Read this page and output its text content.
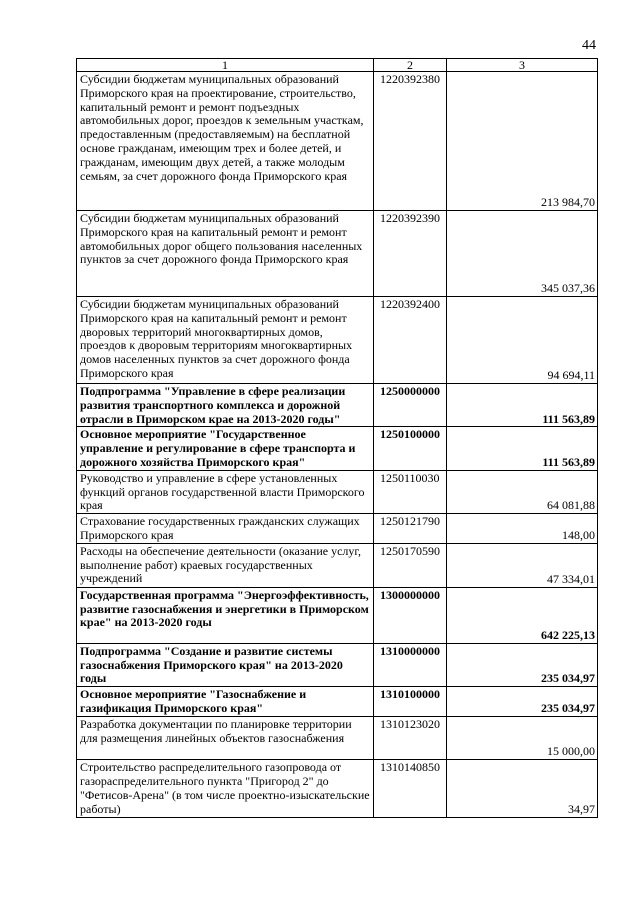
44
1	2	3
Субсидии бюджетам муниципальных образований Приморского края на проектирование, строительство, капитальный ремонт и ремонт подъездных автомобильных дорог, проездов к земельным участкам, предоставленным (предоставляемым) на бесплатной основе гражданам, имеющим трех и более детей, и гражданам, имеющим двух детей, а также молодым семьям, за счет дорожного фонда Приморского края	1220392380	213 984,70
Субсидии бюджетам муниципальных образований Приморского края на капитальный ремонт и ремонт автомобильных дорог общего пользования населенных пунктов за счет дорожного фонда Приморского края	1220392390	345 037,36
Субсидии бюджетам муниципальных образований Приморского края на капитальный ремонт и ремонт дворовых территорий многоквартирных домов, проездов к дворовым территориям многоквартирных домов населенных пунктов за счет дорожного фонда Приморского края	1220392400	94 694,11
Подпрограмма "Управление в сфере реализации развития транспортного комплекса и дорожной отрасли в Приморском крае на 2013-2020 годы"	1250000000	111 563,89
Основное мероприятие "Государственное управление и регулирование в сфере транспорта и дорожного хозяйства Приморского края"	1250100000	111 563,89
Руководство и управление в сфере установленных функций органов государственной власти Приморского края	1250110030	64 081,88
Страхование государственных гражданских служащих Приморского края	1250121790	148,00
Расходы на обеспечение деятельности (оказание услуг, выполнение работ) краевых государственных учреждений	1250170590	47 334,01
Государственная программа "Энергоэффективность, развитие газоснабжения и энергетики в Приморском крае" на 2013-2020 годы	1300000000	642 225,13
Подпрограмма "Создание и развитие системы газоснабжения Приморского края" на 2013-2020 годы	1310000000	235 034,97
Основное мероприятие "Газоснабжение и газификация Приморского края"	1310100000	235 034,97
Разработка документации по планировке территории для размещения линейных объектов газоснабжения	1310123020	15 000,00
Строительство распределительного газопровода от газораспределительного пункта "Пригород 2" до "Фетисов-Арена" (в том числе проектно-изыскательские работы)	1310140850	34,97
